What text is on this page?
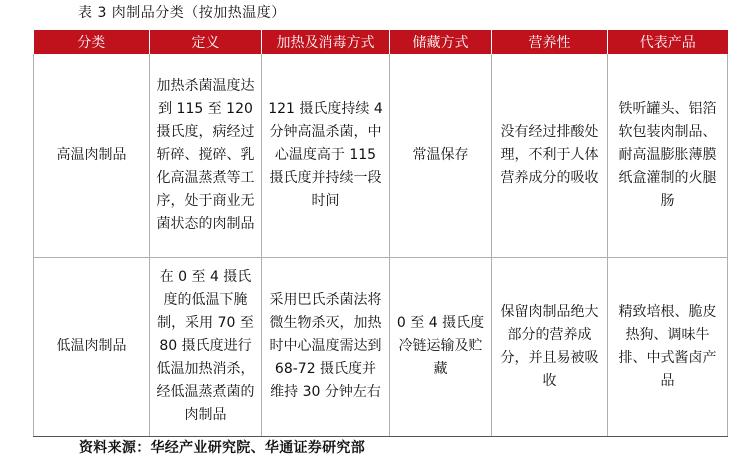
表 3 肉制品分类（按加热温度）
分类	定义	加热及消毒方式	储藏方式	营养性	代表产品
高温肉制品	加热杀菌温度达到 115 至 120 摄氏度，病经过斩碎、搅碎、乳化高温蒸煮等工序，处于商业无菌状态的肉制品	121 摄氏度持续 4 分钟高温杀菌，中心温度高于 115 摄氏度并持续一段时间	常温保存	没有经过排酸处理，不利于人体营养成分的吸收	铁听罐头、铝箔软包装肉制品、耐高温膨胀薄膜纸盒灌制的火腿肠
低温肉制品	在 0 至 4 摄氏度的低温下腌制，采用 70 至 80 摄氏度进行低温加热消杀，经低温蒸煮菌的肉制品	采用巴氏杀菌法将微生物杀灭，加热时中心温度需达到 68-72 摄氏度并维持 30 分钟左右	0 至 4 摄氏度冷链运输及贮藏	保留肉制品绝大部分的营养成分，并且易被吸收	精致培根、脆皮热狗、调味牛排、中式酱卤产品
资料来源：华经产业研究院、华通证券研究部
